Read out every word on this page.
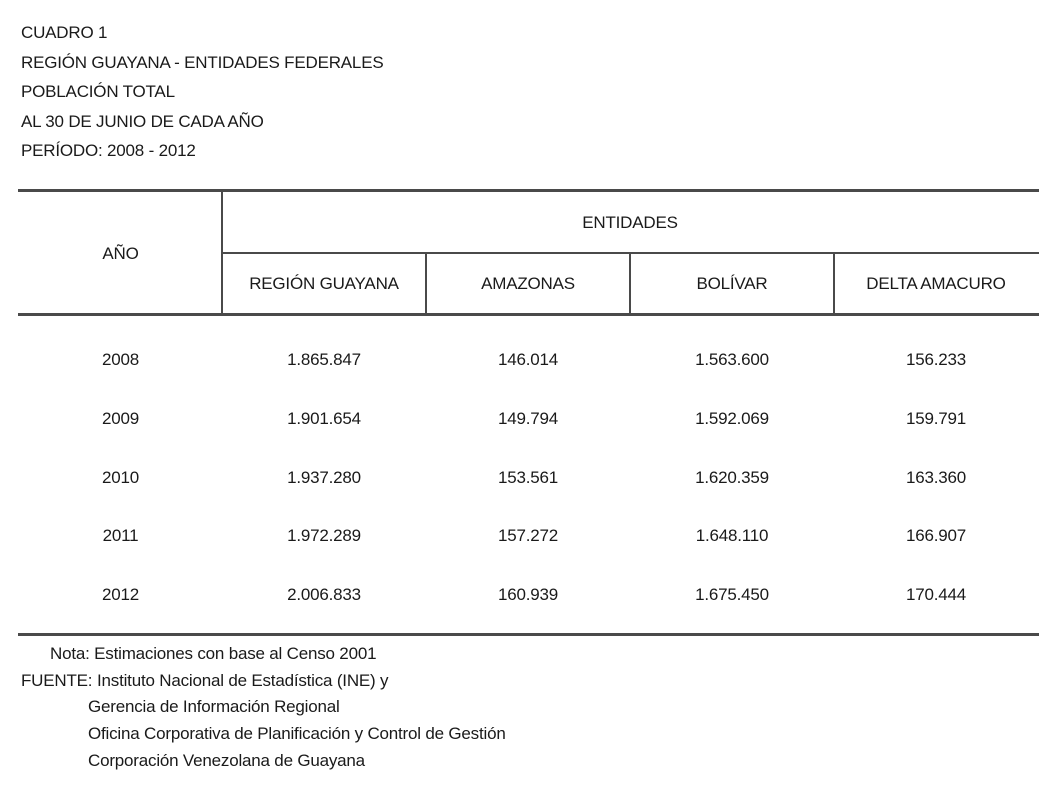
CUADRO 1
REGIÓN GUAYANA - ENTIDADES FEDERALES
POBLACIÓN TOTAL
AL 30 DE JUNIO DE CADA AÑO
PERÍODO: 2008 - 2012
AÑO
ENTIDADES
REGIÓN GUAYANA	AMAZONAS	BOLÍVAR	DELTA AMACURO
2008	1.865.847	146.014	1.563.600	156.233
2009	1.901.654	149.794	1.592.069	159.791
2010	1.937.280	153.561	1.620.359	163.360
2011	1.972.289	157.272	1.648.110	166.907
2012	2.006.833	160.939	1.675.450	170.444
Nota: Estimaciones con base al Censo 2001
FUENTE: Instituto Nacional de Estadística (INE) y
Gerencia de Información Regional
Oficina Corporativa de Planificación y Control de Gestión
Corporación Venezolana de Guayana
